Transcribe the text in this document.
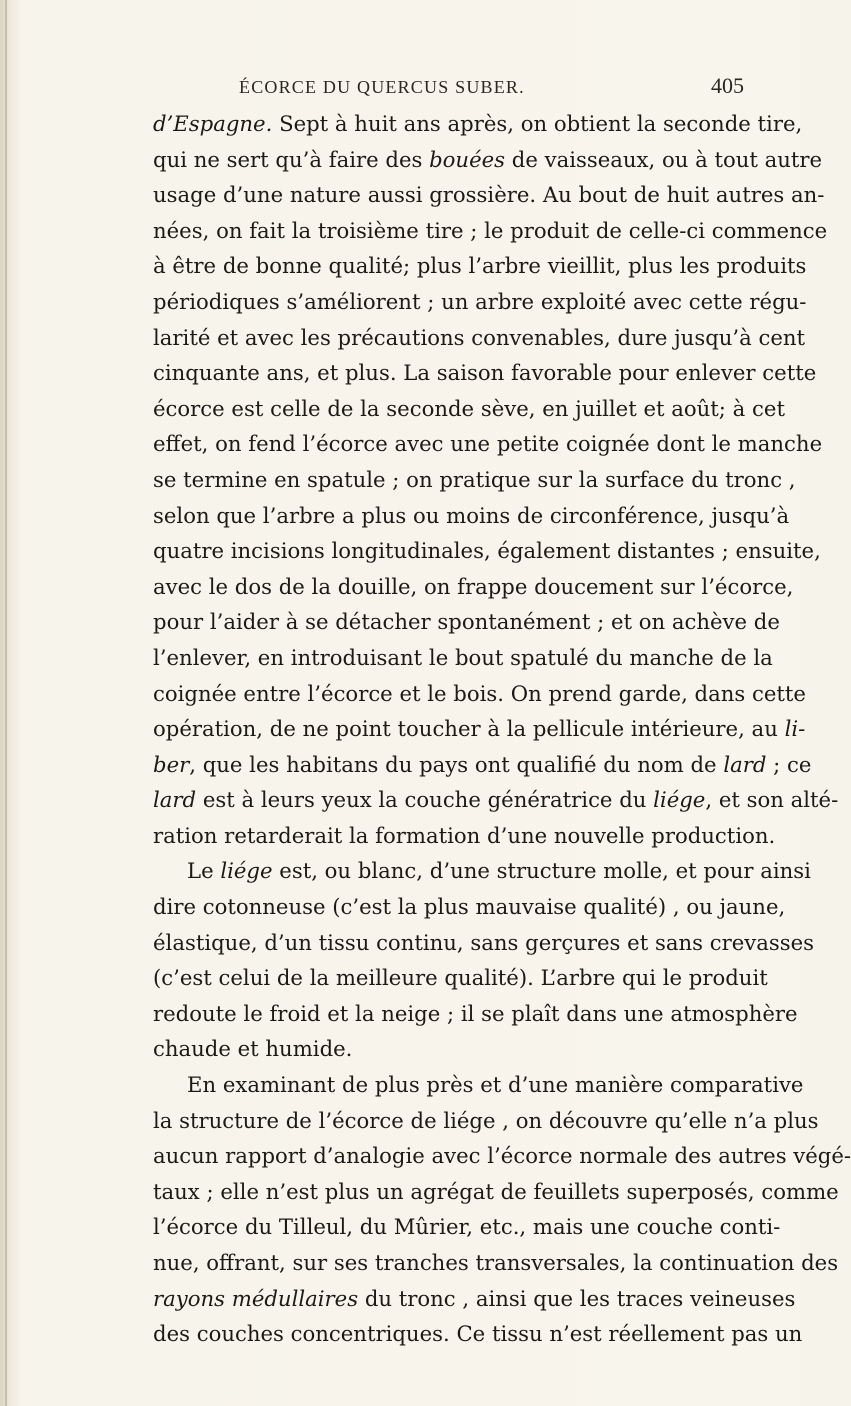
ÉCORCE DU QUERCUS SUBER.	405

d’Espagne. Sept à huit ans après, on obtient la seconde tire,
qui ne sert qu’à faire des bouées de vaisseaux, ou à tout autre
usage d’une nature aussi grossière. Au bout de huit autres an-
nées, on fait la troisième tire ; le produit de celle-ci commence
à être de bonne qualité; plus l’arbre vieillit, plus les produits
périodiques s’améliorent ; un arbre exploité avec cette régu-
larité et avec les précautions convenables, dure jusqu’à cent
cinquante ans, et plus. La saison favorable pour enlever cette
écorce est celle de la seconde sève, en juillet et août; à cet
effet, on fend l’écorce avec une petite coignée dont le manche
se termine en spatule ; on pratique sur la surface du tronc ,
selon que l’arbre a plus ou moins de circonférence, jusqu’à
quatre incisions longitudinales, également distantes ; ensuite,
avec le dos de la douille, on frappe doucement sur l’écorce,
pour l’aider à se détacher spontanément ; et on achève de
l’enlever, en introduisant le bout spatulé du manche de la
coignée entre l’écorce et le bois. On prend garde, dans cette
opération, de ne point toucher à la pellicule intérieure, au li-
ber, que les habitans du pays ont qualifié du nom de lard ; ce
lard est à leurs yeux la couche génératrice du liége, et son alté-
ration retarderait la formation d’une nouvelle production.

Le liége est, ou blanc, d’une structure molle, et pour ainsi
dire cotonneuse (c’est la plus mauvaise qualité) , ou jaune,
élastique, d’un tissu continu, sans gerçures et sans crevasses
(c’est celui de la meilleure qualité). L’arbre qui le produit
redoute le froid et la neige ; il se plaît dans une atmosphère
chaude et humide.

En examinant de plus près et d’une manière comparative
la structure de l’écorce de liége , on découvre qu’elle n’a plus
aucun rapport d’analogie avec l’écorce normale des autres végé-
taux ; elle n’est plus un agrégat de feuillets superposés, comme
l’écorce du Tilleul, du Mûrier, etc., mais une couche conti-
nue, offrant, sur ses tranches transversales, la continuation des
rayons médullaires du tronc , ainsi que les traces veineuses
des couches concentriques. Ce tissu n’est réellement pas un
